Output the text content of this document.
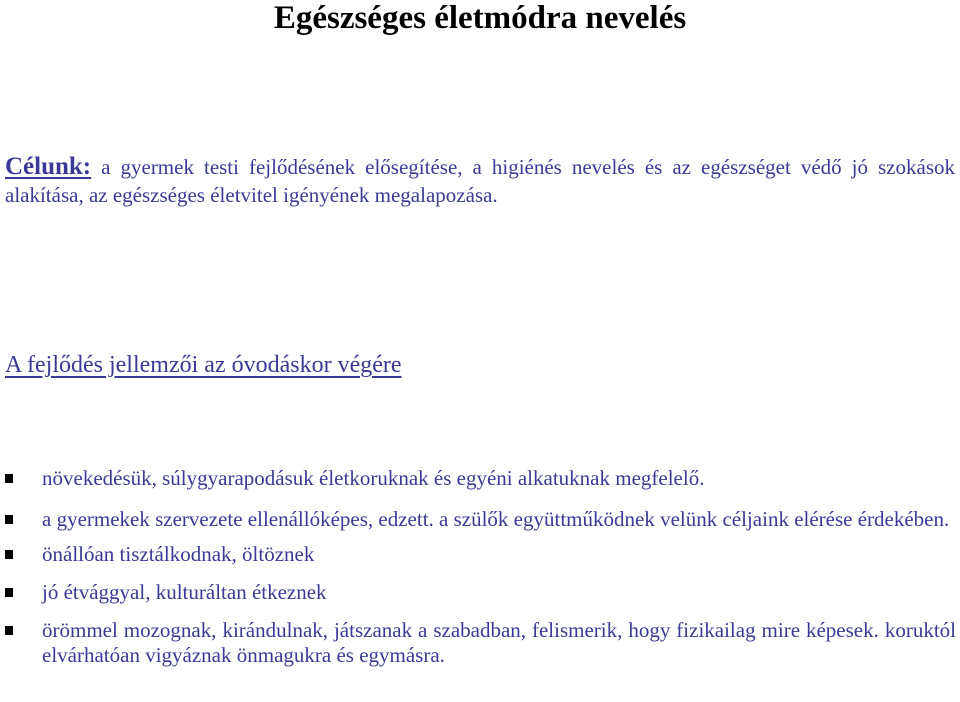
Egészséges életmódra nevelés

Célunk: a gyermek testi fejlődésének elősegítése, a higiénés nevelés és az egészséget védő jó szokások alakítása, az egészséges életvitel igényének megalapozása.

A fejlődés jellemzői az óvodáskor végére
növekedésük, súlygyarapodásuk életkoruknak és egyéni alkatuknak megfelelő.
a gyermekek szervezete ellenállóképes, edzett. a szülők együttműködnek velünk céljaink elérése érdekében.
önállóan tisztálkodnak, öltöznek
jó étvággyal, kulturáltan étkeznek
örömmel mozognak, kirándulnak, játszanak a szabadban, felismerik, hogy fizikailag mire képesek. koruktól elvárhatóan vigyáznak önmagukra és egymásra.
